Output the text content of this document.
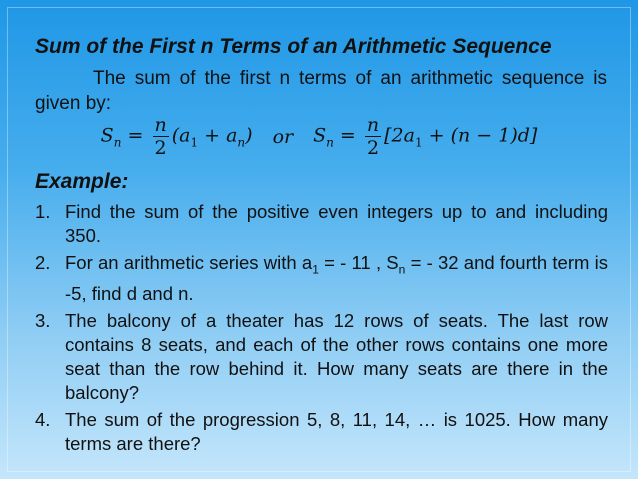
Sum of the First n Terms of an Arithmetic Sequence
The sum of the first n terms of an arithmetic sequence is given by:
$S_n = \frac{n}{2} (a_1 + a_n)$ or $S_n = \frac{n}{2} [2a_1 + (n - 1)d]$
Example:
1. Find the sum of the positive even integers up to and including 350.
2. For an arithmetic series with $a_1$ = - 11 , $S_n$ = - 32 and fourth term is -5, find d and n.
3. The balcony of a theater has 12 rows of seats. The last row contains 8 seats, and each of the other rows contains one more seat than the row behind it. How many seats are there in the balcony?
4. The sum of the progression 5, 8, 11, 14, … is 1025. How many terms are there?
